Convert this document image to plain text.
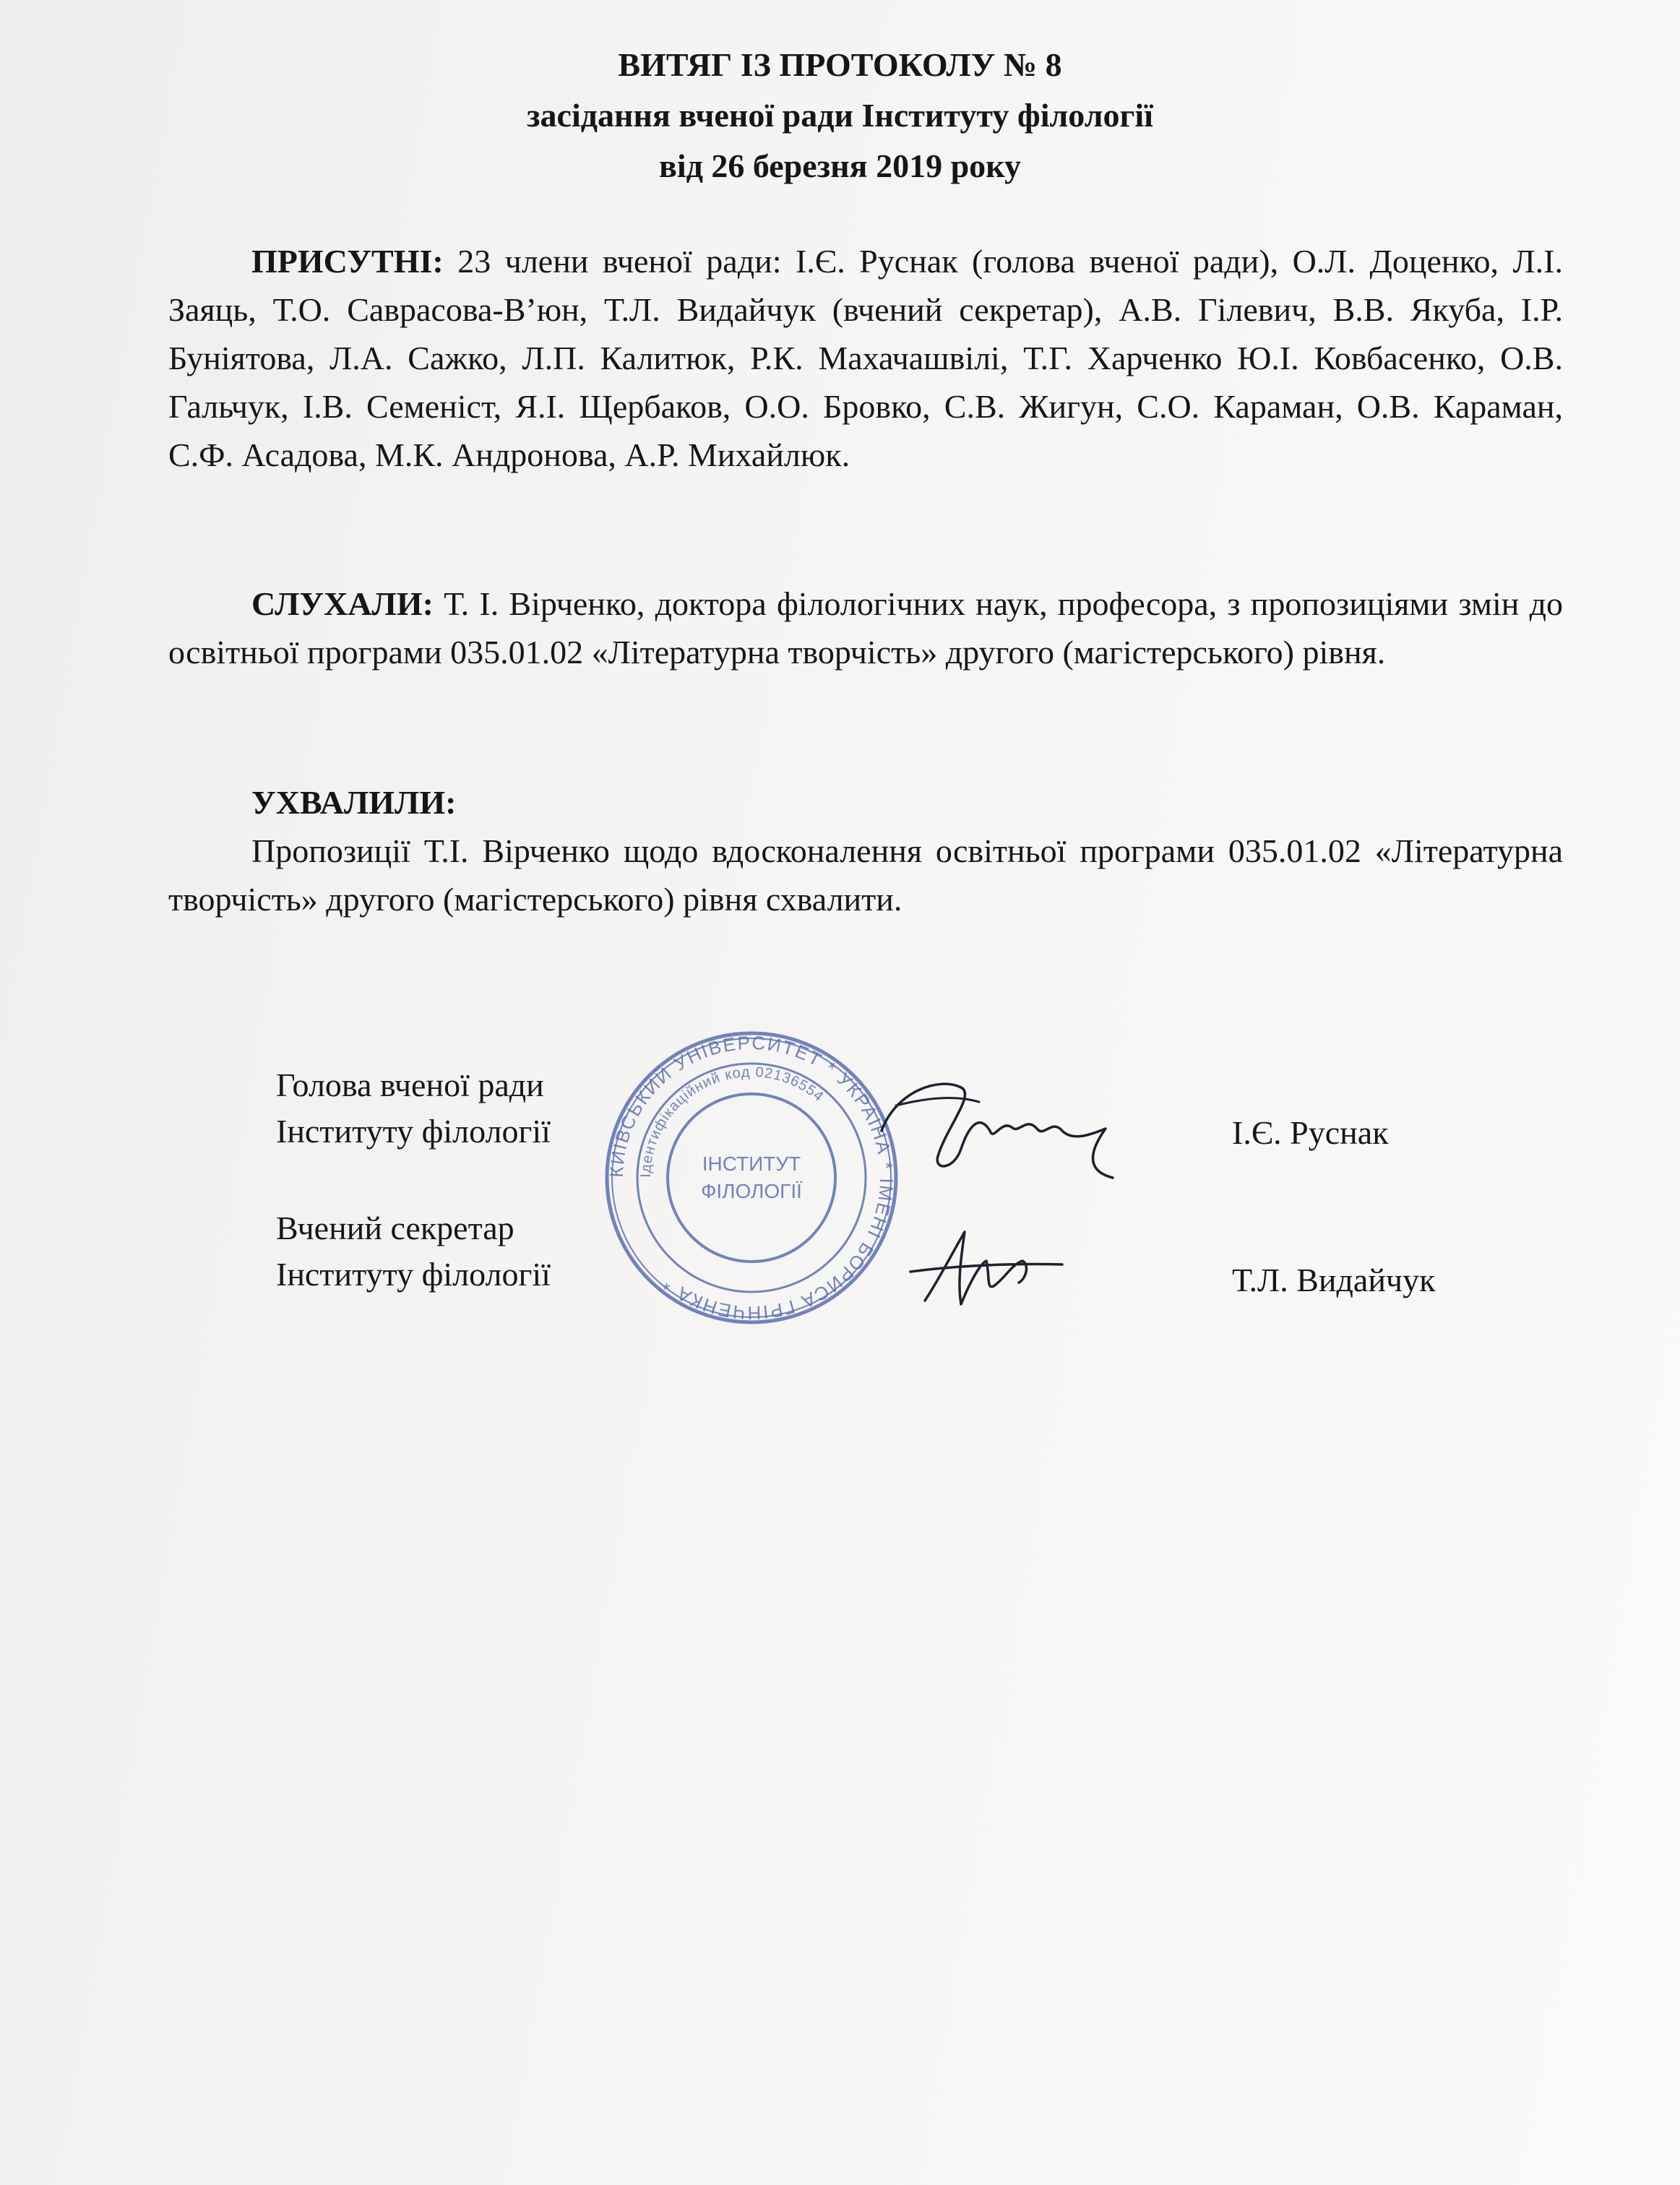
ВИТЯГ ІЗ ПРОТОКОЛУ № 8
засідання вченої ради Інституту філології
від 26 березня 2019 року
ПРИСУТНІ: 23 члени вченої ради: І.Є. Руснак (голова вченої ради), О.Л. Доценко, Л.І. Заяць, Т.О. Саврасова-В’юн, Т.Л. Видайчук (вчений секретар), А.В. Гілевич, В.В. Якуба, І.Р. Буніятова, Л.А. Сажко, Л.П. Калитюк, Р.К. Махачашвілі, Т.Г. Харченко Ю.І. Ковбасенко, О.В. Гальчук, І.В. Семеніст, Я.І. Щербаков, О.О. Бровко, С.В. Жигун, С.О. Караман, О.В. Караман, С.Ф. Асадова, М.К. Андронова, А.Р. Михайлюк.
СЛУХАЛИ: Т. І. Вірченко, доктора філологічних наук, професора, з пропозиціями змін до освітньої програми 035.01.02 «Літературна творчість» другого (магістерського) рівня.
УХВАЛИЛИ:
Пропозиції Т.І. Вірченко щодо вдосконалення освітньої програми 035.01.02 «Літературна творчість» другого (магістерського) рівня схвалити.
КИЇВСЬКИЙ УНІВЕРСИТЕТ * УКРАЇНА * ІМЕНІ БОРИСА ГРІНЧЕНКА *
Ідентифікаційний код 02136554
ІНСТИТУТ
ФІЛОЛОГІЇ
Голова вченої ради
Інституту філології	І.Є. Руснак
Вчений секретар
Інституту філології	Т.Л. Видайчук
